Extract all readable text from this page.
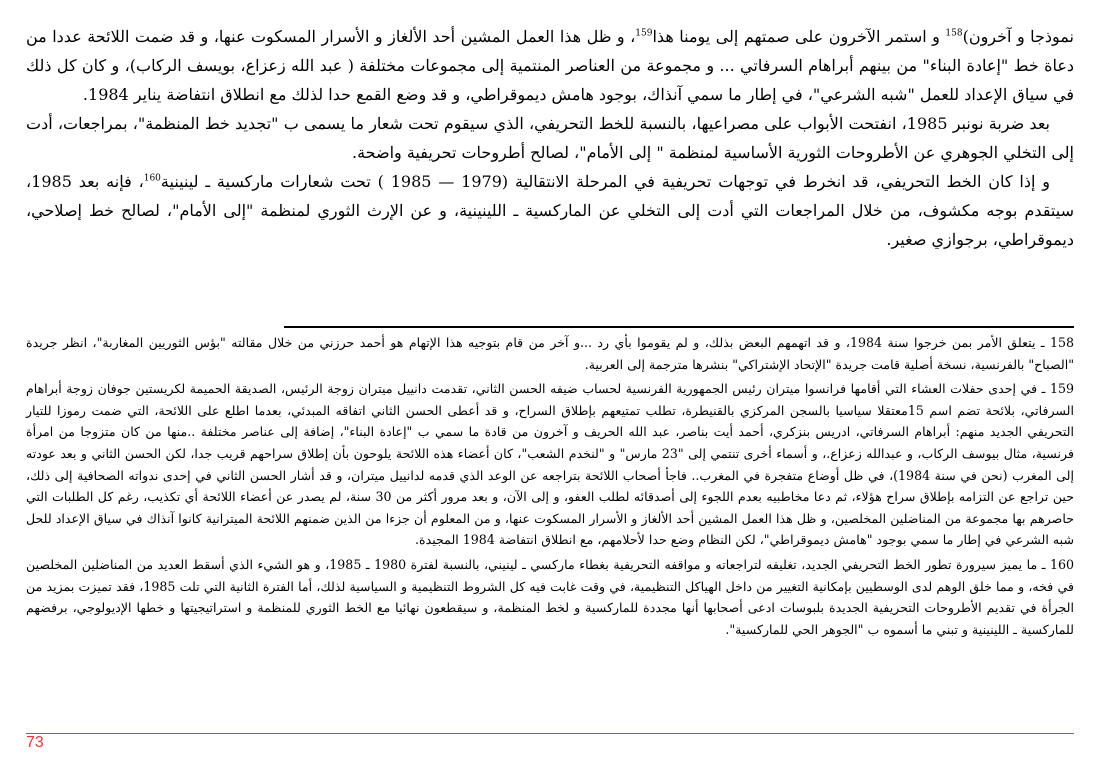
نموذجا و آخرون)$^{158}$ و استمر الآخرون على صمتهم إلى يومنا هذا$^{159}$، و ظل هذا العمل المشين أحد الألغاز و الأسرار المسكوت عنها، و قد ضمت اللائحة عددا من دعاة خط "إعادة البناء" من بينهم أبراهام السرفاتي ... و مجموعة من العناصر المنتمية إلى مجموعات مختلفة ( عبد الله زعزاع، بويسف الركاب)، و كان كل ذلك في سياق الإعداد للعمل "شبه الشرعي"، في إطار ما سمي آنذاك، بوجود هامش ديموقراطي، و قد وضع القمع حدا لذلك مع انطلاق انتفاضة يناير 1984.

بعد ضربة نونبر 1985، انفتحت الأبواب على مصراعيها، بالنسبة للخط التحريفي، الذي سيقوم تحت شعار ما يسمى ب "تجديد خط المنظمة"، بمراجعات، أدت إلى التخلي الجوهري عن الأطروحات الثورية الأساسية لمنظمة " إلى الأمام"، لصالح أطروحات تحريفية واضحة.

و إذا كان الخط التحريفي، قد انخرط في توجهات تحريفية في المرحلة الانتقالية (1979 — 1985 ) تحت شعارات ماركسية ـ لينينية$^{160}$، فإنه بعد 1985، سيتقدم بوجه مكشوف، من خلال المراجعات التي أدت إلى التخلي عن الماركسية ـ اللينينية، و عن الإرث الثوري لمنظمة "إلى الأمام"، لصالح خط إصلاحي، ديموقراطي، برجوازي صغير.

158 ـ يتعلق الأمر بمن خرجوا سنة 1984، و قد اتهمهم البعض بذلك، و لم يقوموا بأي رد ...و آخر من قام بتوجيه هذا الإتهام هو أحمد حرزني من خلال مقالته "بؤس الثوريين المغاربة"، انظر جريدة "الصباح" بالفرنسية، نسخة أصلية قامت جريدة "الإتحاد الإشتراكي" بنشرها مترجمة إلى العربية.

159 ـ في إحدى حفلات العشاء التي أقامها فرانسوا ميتران رئيس الجمهورية الفرنسية لحساب ضيفه الحسن الثاني، تقدمت دانييل ميتران زوجة الرئيس، الصديقة الحميمة لكريستين جوفان زوجة أبراهام السرفاتي، بلائحة تضم اسم 15معتقلا سياسيا بالسجن المركزي بالقنيطرة، تطلب تمتيعهم بإطلاق السراح، و قد أعطى الحسن الثاني اتفاقه المبدئي، بعدما اطلع على اللائحة، التي ضمت رموزا للتيار التحريفي الجديد منهم: أبراهام السرفاتي، ادريس بنزكري، أحمد أيت بناصر، عبد الله الحريف و آخرون من قادة ما سمي ب "إعادة البناء"، إضافة إلى عناصر مختلفة ..منها من كان متزوجا من امرأة فرنسية، مثال بيوسف الركاب، و عبدالله زعزاع.، و أسماء أخرى تنتمي إلى "23 مارس" و "لنخدم الشعب"، كان أعضاء هذه اللائحة يلوحون بأن إطلاق سراحهم قريب جدا، لكن الحسن الثاني و بعد عودته إلى المغرب (نحن في سنة 1984)، في ظل أوضاع متفجرة في المغرب.. فاجأ أصحاب اللائحة بتراجعه عن الوعد الذي قدمه لدانييل ميتران، و قد أشار الحسن الثاني في إحدى ندواته الصحافية إلى ذلك، حين تراجع عن التزامه بإطلاق سراح هؤلاء، ثم دعا مخاطبيه بعدم اللجوء إلى أصدقائه لطلب العفو، و إلى الآن، و بعد مرور أكثر من 30 سنة، لم يصدر عن أعضاء اللائحة أي تكذيب، رغم كل الطلبات التي حاصرهم بها مجموعة من المناضلين المخلصين، و ظل هذا العمل المشين أحد الألغاز و الأسرار المسكوت عنها، و من المعلوم أن جزءا من الذين ضمنهم اللائحة الميترانية كانوا آنذاك في سياق الإعداد للحل شبه الشرعي في إطار ما سمي بوجود "هامش ديموقراطي"، لكن النظام وضع حدا لأحلامهم، مع انطلاق انتفاضة 1984 المجيدة.

160 ـ ما يميز سيرورة تطور الخط التحريفي الجديد، تغليفه لتراجعاته و مواقفه التحريفية بغطاء ماركسي ـ لينيني، بالنسبة لفترة 1980 ـ 1985، و هو الشيء الذي أسقط العديد من المناضلين المخلصين في فخه، و مما خلق الوهم لدى الوسطيين بإمكانية التغيير من داخل الهياكل التنظيمية، في وقت غابت فيه كل الشروط التنظيمية و السياسية لذلك، أما الفترة الثانية التي تلت 1985، فقد تميزت بمزيد من الجرأة في تقديم الأطروحات التحريفية الجديدة بلبوسات ادعى أصحابها أنها مجددة للماركسية و لخط المنظمة، و سيقطعون نهائيا مع الخط الثوري للمنظمة و استراتيجيتها و خطها الإديولوجي، برفضهم للماركسية ـ اللينينية و تبني ما أسموه ب "الجوهر الحي للماركسية".

73
